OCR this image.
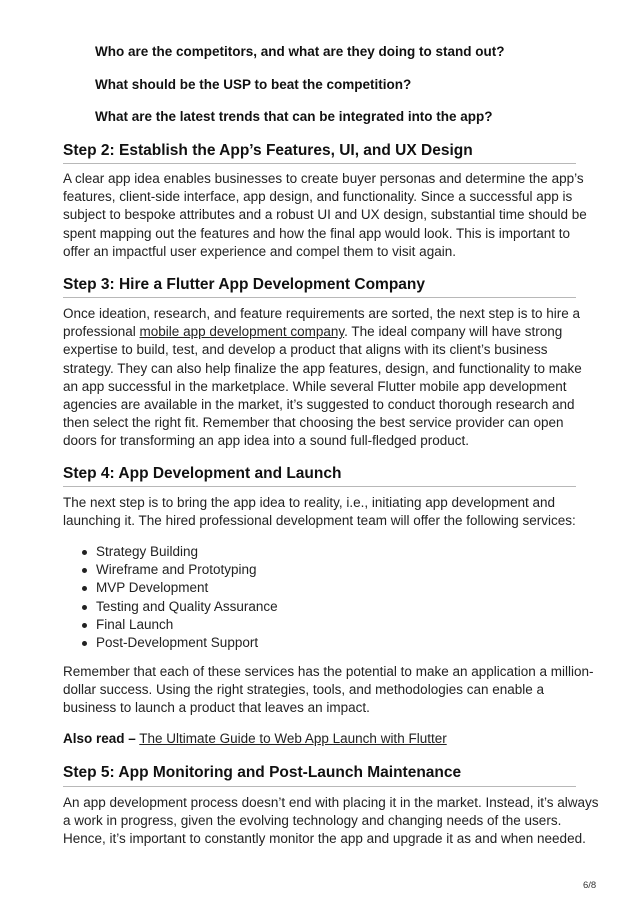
Who are the competitors, and what are they doing to stand out?
What should be the USP to beat the competition?
What are the latest trends that can be integrated into the app?
Step 2: Establish the App’s Features, UI, and UX Design
A clear app idea enables businesses to create buyer personas and determine the app’s
features, client-side interface, app design, and functionality. Since a successful app is
subject to bespoke attributes and a robust UI and UX design, substantial time should be
spent mapping out the features and how the final app would look. This is important to
offer an impactful user experience and compel them to visit again.
Step 3: Hire a Flutter App Development Company
Once ideation, research, and feature requirements are sorted, the next step is to hire a
professional mobile app development company. The ideal company will have strong
expertise to build, test, and develop a product that aligns with its client’s business
strategy. They can also help finalize the app features, design, and functionality to make
an app successful in the marketplace. While several Flutter mobile app development
agencies are available in the market, it’s suggested to conduct thorough research and
then select the right fit. Remember that choosing the best service provider can open
doors for transforming an app idea into a sound full-fledged product.
Step 4: App Development and Launch
The next step is to bring the app idea to reality, i.e., initiating app development and
launching it. The hired professional development team will offer the following services:
Strategy Building
Wireframe and Prototyping
MVP Development
Testing and Quality Assurance
Final Launch
Post-Development Support
Remember that each of these services has the potential to make an application a million-
dollar success. Using the right strategies, tools, and methodologies can enable a
business to launch a product that leaves an impact.
Also read – The Ultimate Guide to Web App Launch with Flutter
Step 5: App Monitoring and Post-Launch Maintenance
An app development process doesn’t end with placing it in the market. Instead, it’s always
a work in progress, given the evolving technology and changing needs of the users.
Hence, it’s important to constantly monitor the app and upgrade it as and when needed.
6/8
